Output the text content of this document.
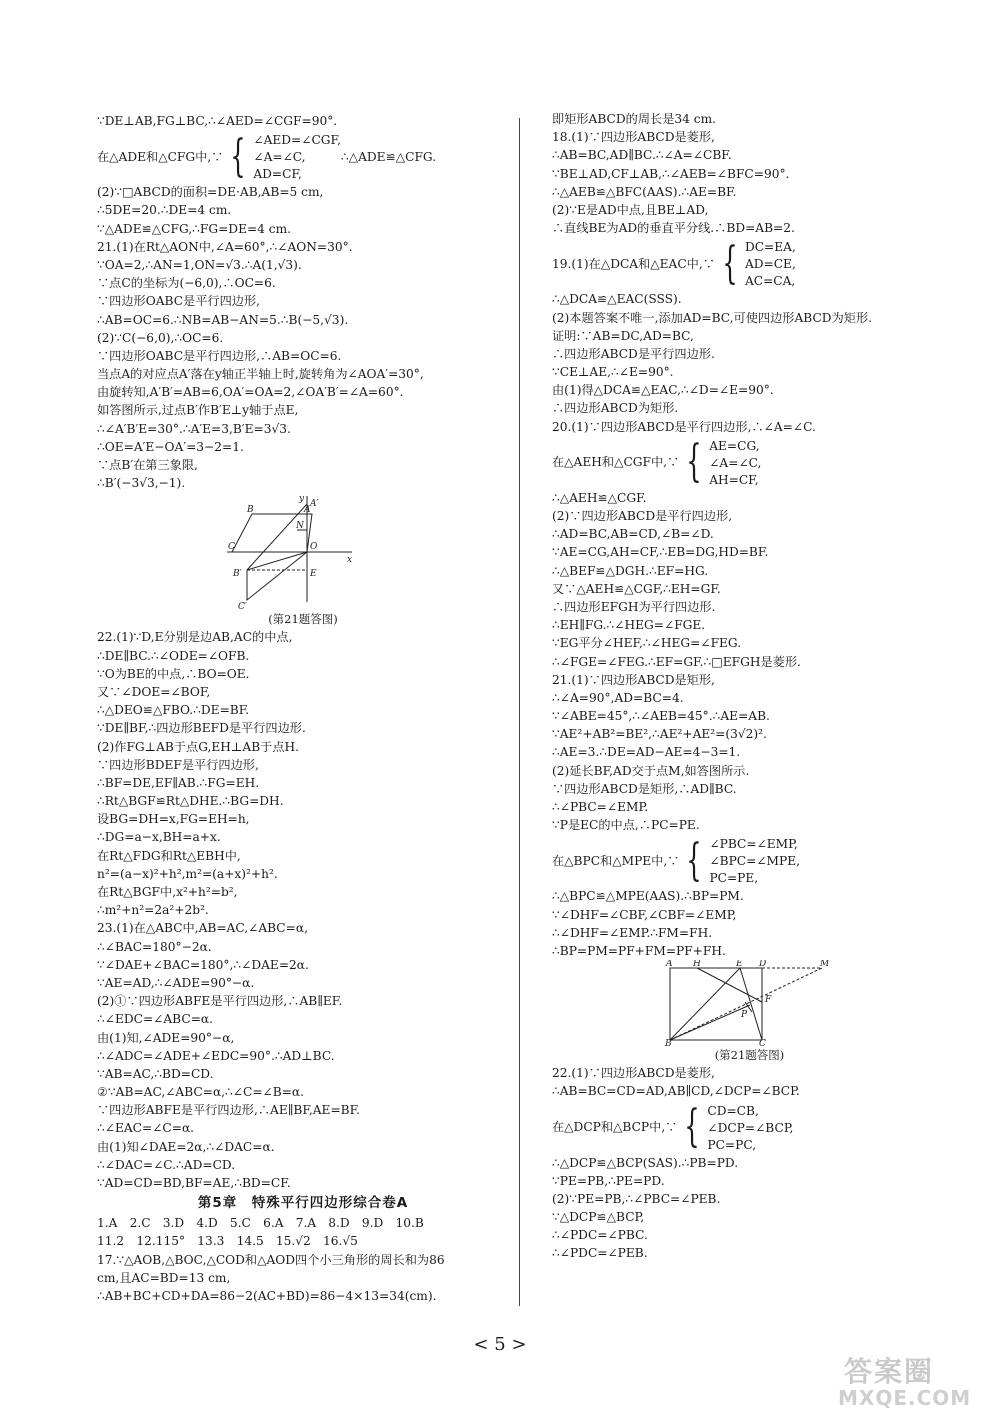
∵DE⊥AB,FG⊥BC,∴∠AED=∠CGF=90°.
在△ADE和△CFG中,∵ { ∠AED=∠CGF,
∠A=∠C,
AD=CF,
∴△ADE≌△CFG.
(2)∵□ABCD的面积=DE·AB,AB=5 cm,
∴5DE=20.∴DE=4 cm.
∵△ADE≌△CFG,∴FG=DE=4 cm.
21.(1)在Rt△AON中,∠A=60°,∴∠AON=30°.
∵OA=2,∴AN=1,ON=√3.∴A(1,√3).
∵点C的坐标为(−6,0),∴OC=6.
∵四边形OABC是平行四边形,
∴AB=OC=6.∴NB=AB−AN=5.∴B(−5,√3).
(2)∵C(−6,0),∴OC=6.
∵四边形OABC是平行四边形,∴AB=OC=6.
当点A的对应点A′落在y轴正半轴上时,旋转角为∠AOA′=30°,
由旋转知,A′B′=AB=6,OA′=OA=2,∠OA′B′=∠A=60°.
如答图所示,过点B′作B′E⊥y轴于点E,
∴∠A′B′E=30°.∴A′E=3,B′E=3√3.
∴OE=A′E−OA′=3−2=1.
∵点B′在第三象限,
∴B′(−3√3,−1).
B	A
N
C	O
B′	E
C′
y A′
x
(第21题答图)
22.(1)∵D,E分别是边AB,AC的中点,
∴DE∥BC.∴∠ODE=∠OFB.
∵O为BE的中点,∴BO=OE.
又∵∠DOE=∠BOF,
∴△DEO≌△FBO.∴DE=BF.
∵DE∥BF,∴四边形BEFD是平行四边形.
(2)作FG⊥AB于点G,EH⊥AB于点H.
∵四边形BDEF是平行四边形,
∴BF=DE,EF∥AB.∴FG=EH.
∴Rt△BGF≌Rt△DHE.∴BG=DH.
设BG=DH=x,FG=EH=h,
∴DG=a−x,BH=a+x.
在Rt△FDG和Rt△EBH中,
n²=(a−x)²+h²,m²=(a+x)²+h².
在Rt△BGF中,x²+h²=b²,
∴m²+n²=2a²+2b².
23.(1)在△ABC中,AB=AC,∠ABC=α,
∴∠BAC=180°−2α.
∵∠DAE+∠BAC=180°,∴∠DAE=2α.
∵AE=AD,∴∠ADE=90°−α.
(2)①∵四边形ABFE是平行四边形,∴AB∥EF.
∴∠EDC=∠ABC=α.
由(1)知,∠ADE=90°−α,
∴∠ADC=∠ADE+∠EDC=90°.∴AD⊥BC.
∵AB=AC,∴BD=CD.
②∵AB=AC,∠ABC=α,∴∠C=∠B=α.
∵四边形ABFE是平行四边形,∴AE∥BF,AE=BF.
∴∠EAC=∠C=α.
由(1)知∠DAE=2α,∴∠DAC=α.
∴∠DAC=∠C.∴AD=CD.
∵AD=CD=BD,BF=AE,∴BD=CF.
第5章　特殊平行四边形综合卷A
1.A　2.C　3.D　4.D　5.C　6.A　7.A　8.D　9.D　10.B
11.2　12.115°　13.3　14.5　15.√2　16.√5
17.∵△AOB,△BOC,△COD和△AOD四个小三角形的周长和为86
cm,且AC=BD=13 cm,
∴AB+BC+CD+DA=86−2(AC+BD)=86−4×13=34(cm).
即矩形ABCD的周长是34 cm.
18.(1)∵四边形ABCD是菱形,
∴AB=BC,AD∥BC.∴∠A=∠CBF.
∵BE⊥AD,CF⊥AB,∴∠AEB=∠BFC=90°.
∴△AEB≌△BFC(AAS).∴AE=BF.
(2)∵E是AD中点,且BE⊥AD,
∴直线BE为AD的垂直平分线.∴BD=AB=2.
19.(1)在△DCA和△EAC中,∵ { DC=EA,
AD=CE,
AC=CA,
∴△DCA≌△EAC(SSS).
(2)本题答案不唯一,添加AD=BC,可使四边形ABCD为矩形.
证明:∵AB=DC,AD=BC,
∴四边形ABCD是平行四边形.
∵CE⊥AE,∴∠E=90°.
由(1)得△DCA≌△EAC,∴∠D=∠E=90°.
∴四边形ABCD为矩形.
20.(1)∵四边形ABCD是平行四边形,∴∠A=∠C.
在△AEH和△CGF中,∵ { AE=CG,
∠A=∠C,
AH=CF,
∴△AEH≌△CGF.
(2)∵四边形ABCD是平行四边形,
∴AD=BC,AB=CD,∠B=∠D.
∵AE=CG,AH=CF,∴EB=DG,HD=BF.
∴△BEF≌△DGH.∴EF=HG.
又∵△AEH≌△CGF,∴EH=GF.
∴四边形EFGH为平行四边形.
∴EH∥FG.∴∠HEG=∠FGE.
∵EG平分∠HEF,∴∠HEG=∠FEG.
∴∠FGE=∠FEG.∴EF=GF.∴□EFGH是菱形.
21.(1)∵四边形ABCD是矩形,
∴∠A=90°,AD=BC=4.
∵∠ABE=45°,∴∠AEB=45°.∴AE=AB.
∵AE²+AB²=BE²,∴AE²+AE²=(3√2)².
∴AE=3.∴DE=AD−AE=4−3=1.
(2)延长BF,AD交于点M,如答图所示.
∵四边形ABCD是矩形,∴AD∥BC.
∴∠PBC=∠EMP.
∵P是EC的中点,∴PC=PE.
在△BPC和△MPE中,∵ { ∠PBC=∠EMP,
∠BPC=∠MPE,
PC=PE,
∴△BPC≌△MPE(AAS).∴BP=PM.
∵∠DHF=∠CBF,∠CBF=∠EMP,
∴∠DHF=∠EMP.∴FM=FH.
∴BP=PM=PF+FM=PF+FH.
A H	E D	M
F
P
B	C
(第21题答图)
22.(1)∵四边形ABCD是菱形,
∴AB=BC=CD=AD,AB∥CD,∠DCP=∠BCP.
在△DCP和△BCP中,∵ { CD=CB,
∠DCP=∠BCP,
PC=PC,
∴△DCP≌△BCP(SAS).∴PB=PD.
∵PE=PB,∴PE=PD.
(2)∵PE=PB,∴∠PBC=∠PEB.
∵△DCP≌△BCP,
∴∠PDC=∠PBC.
∴∠PDC=∠PEB.
< 5 >
答案圈
MXQE.COM
